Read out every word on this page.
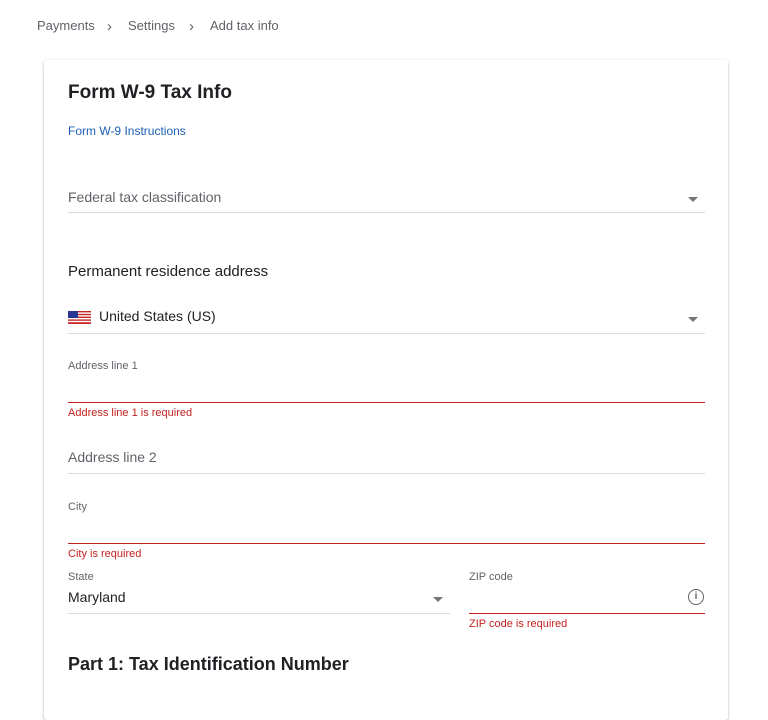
Payments › Settings › Add tax info
Form W-9 Tax Info
Form W-9 Instructions
Federal tax classification
Permanent residence address
United States (US)
Address line 1
Address line 1 is required
Address line 2
City
City is required
State
Maryland
ZIP code
i
ZIP code is required
Part 1: Tax Identification Number
